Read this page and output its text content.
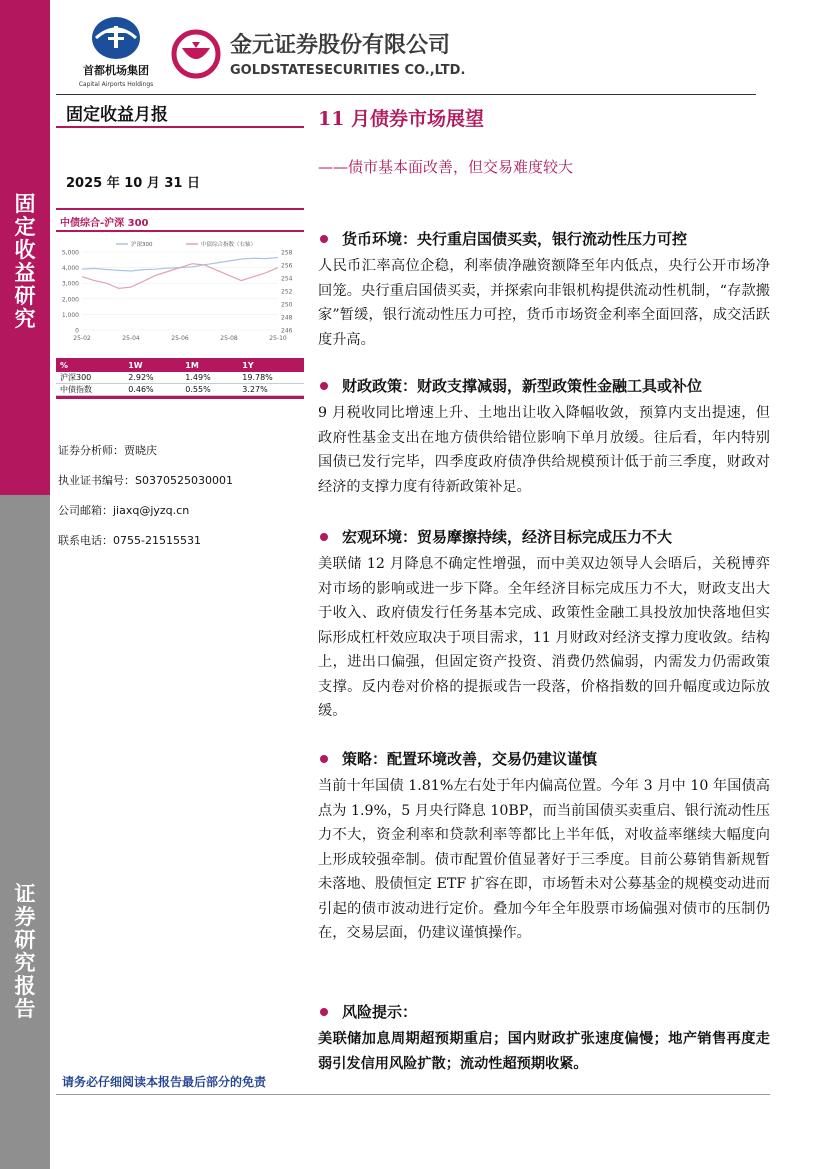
固
定
收
益
研
究
证
券
研
究
报
告
首都机场集团
Capital Airports Holdings
金元证券股份有限公司
GOLDSTATESECURITIES CO.,LTD.
固定收益月报
2025 年 10 月 31 日
中债综合-沪深 300
5,000
4,000
3,000
2,000
1,000
0
258
256
254
252
250
248
246
25-02	25-04	25-06	25-08	25-10
沪深300	中债综合指数（右轴）
%	1W	1M	1Y
沪深300	2.92%	1.49%	19.78%
中债指数	0.46%	0.55%	3.27%

证券分析师：贾晓庆
执业证书编号：S0370525030001
公司邮箱：jiaxq@jyzq.cn
联系电话：0755-21515531
11 月债券市场展望
——债市基本面改善，但交易难度较大
货币环境：央行重启国债买卖，银行流动性压力可控
人民币汇率高位企稳，利率债净融资额降至年内低点，央行公开市场净回笼。央行重启国债买卖，并探索向非银机构提供流动性机制，“存款搬家”暂缓，银行流动性压力可控，货币市场资金利率全面回落，成交活跃度升高。
财政政策：财政支撑减弱，新型政策性金融工具或补位
9 月税收同比增速上升、土地出让收入降幅收敛，预算内支出提速，但政府性基金支出在地方债供给错位影响下单月放缓。往后看，年内特别国债已发行完毕，四季度政府债净供给规模预计低于前三季度，财政对经济的支撑力度有待新政策补足。
宏观环境：贸易摩擦持续，经济目标完成压力不大
美联储 12 月降息不确定性增强，而中美双边领导人会晤后，关税博弈对市场的影响或进一步下降。全年经济目标完成压力不大，财政支出大于收入、政府债发行任务基本完成、政策性金融工具投放加快落地但实际形成杠杆效应取决于项目需求，11 月财政对经济支撑力度收敛。结构上，进出口偏强，但固定资产投资、消费仍然偏弱，内需发力仍需政策支撑。反内卷对价格的提振或告一段落，价格指数的回升幅度或边际放缓。
策略：配置环境改善，交易仍建议谨慎
当前十年国债 1.81%左右处于年内偏高位置。今年 3 月中 10 年国债高点为 1.9%，5 月央行降息 10BP，而当前国债买卖重启、银行流动性压力不大，资金利率和贷款利率等都比上半年低，对收益率继续大幅度向上形成较强牵制。债市配置价值显著好于三季度。目前公募销售新规暂未落地、股债恒定 ETF 扩容在即，市场暂未对公募基金的规模变动进而引起的债市波动进行定价。叠加今年全年股票市场偏强对债市的压制仍在，交易层面，仍建议谨慎操作。
风险提示：
美联储加息周期超预期重启；国内财政扩张速度偏慢；地产销售再度走弱引发信用风险扩散；流动性超预期收紧。
请务必仔细阅读本报告最后部分的免责
